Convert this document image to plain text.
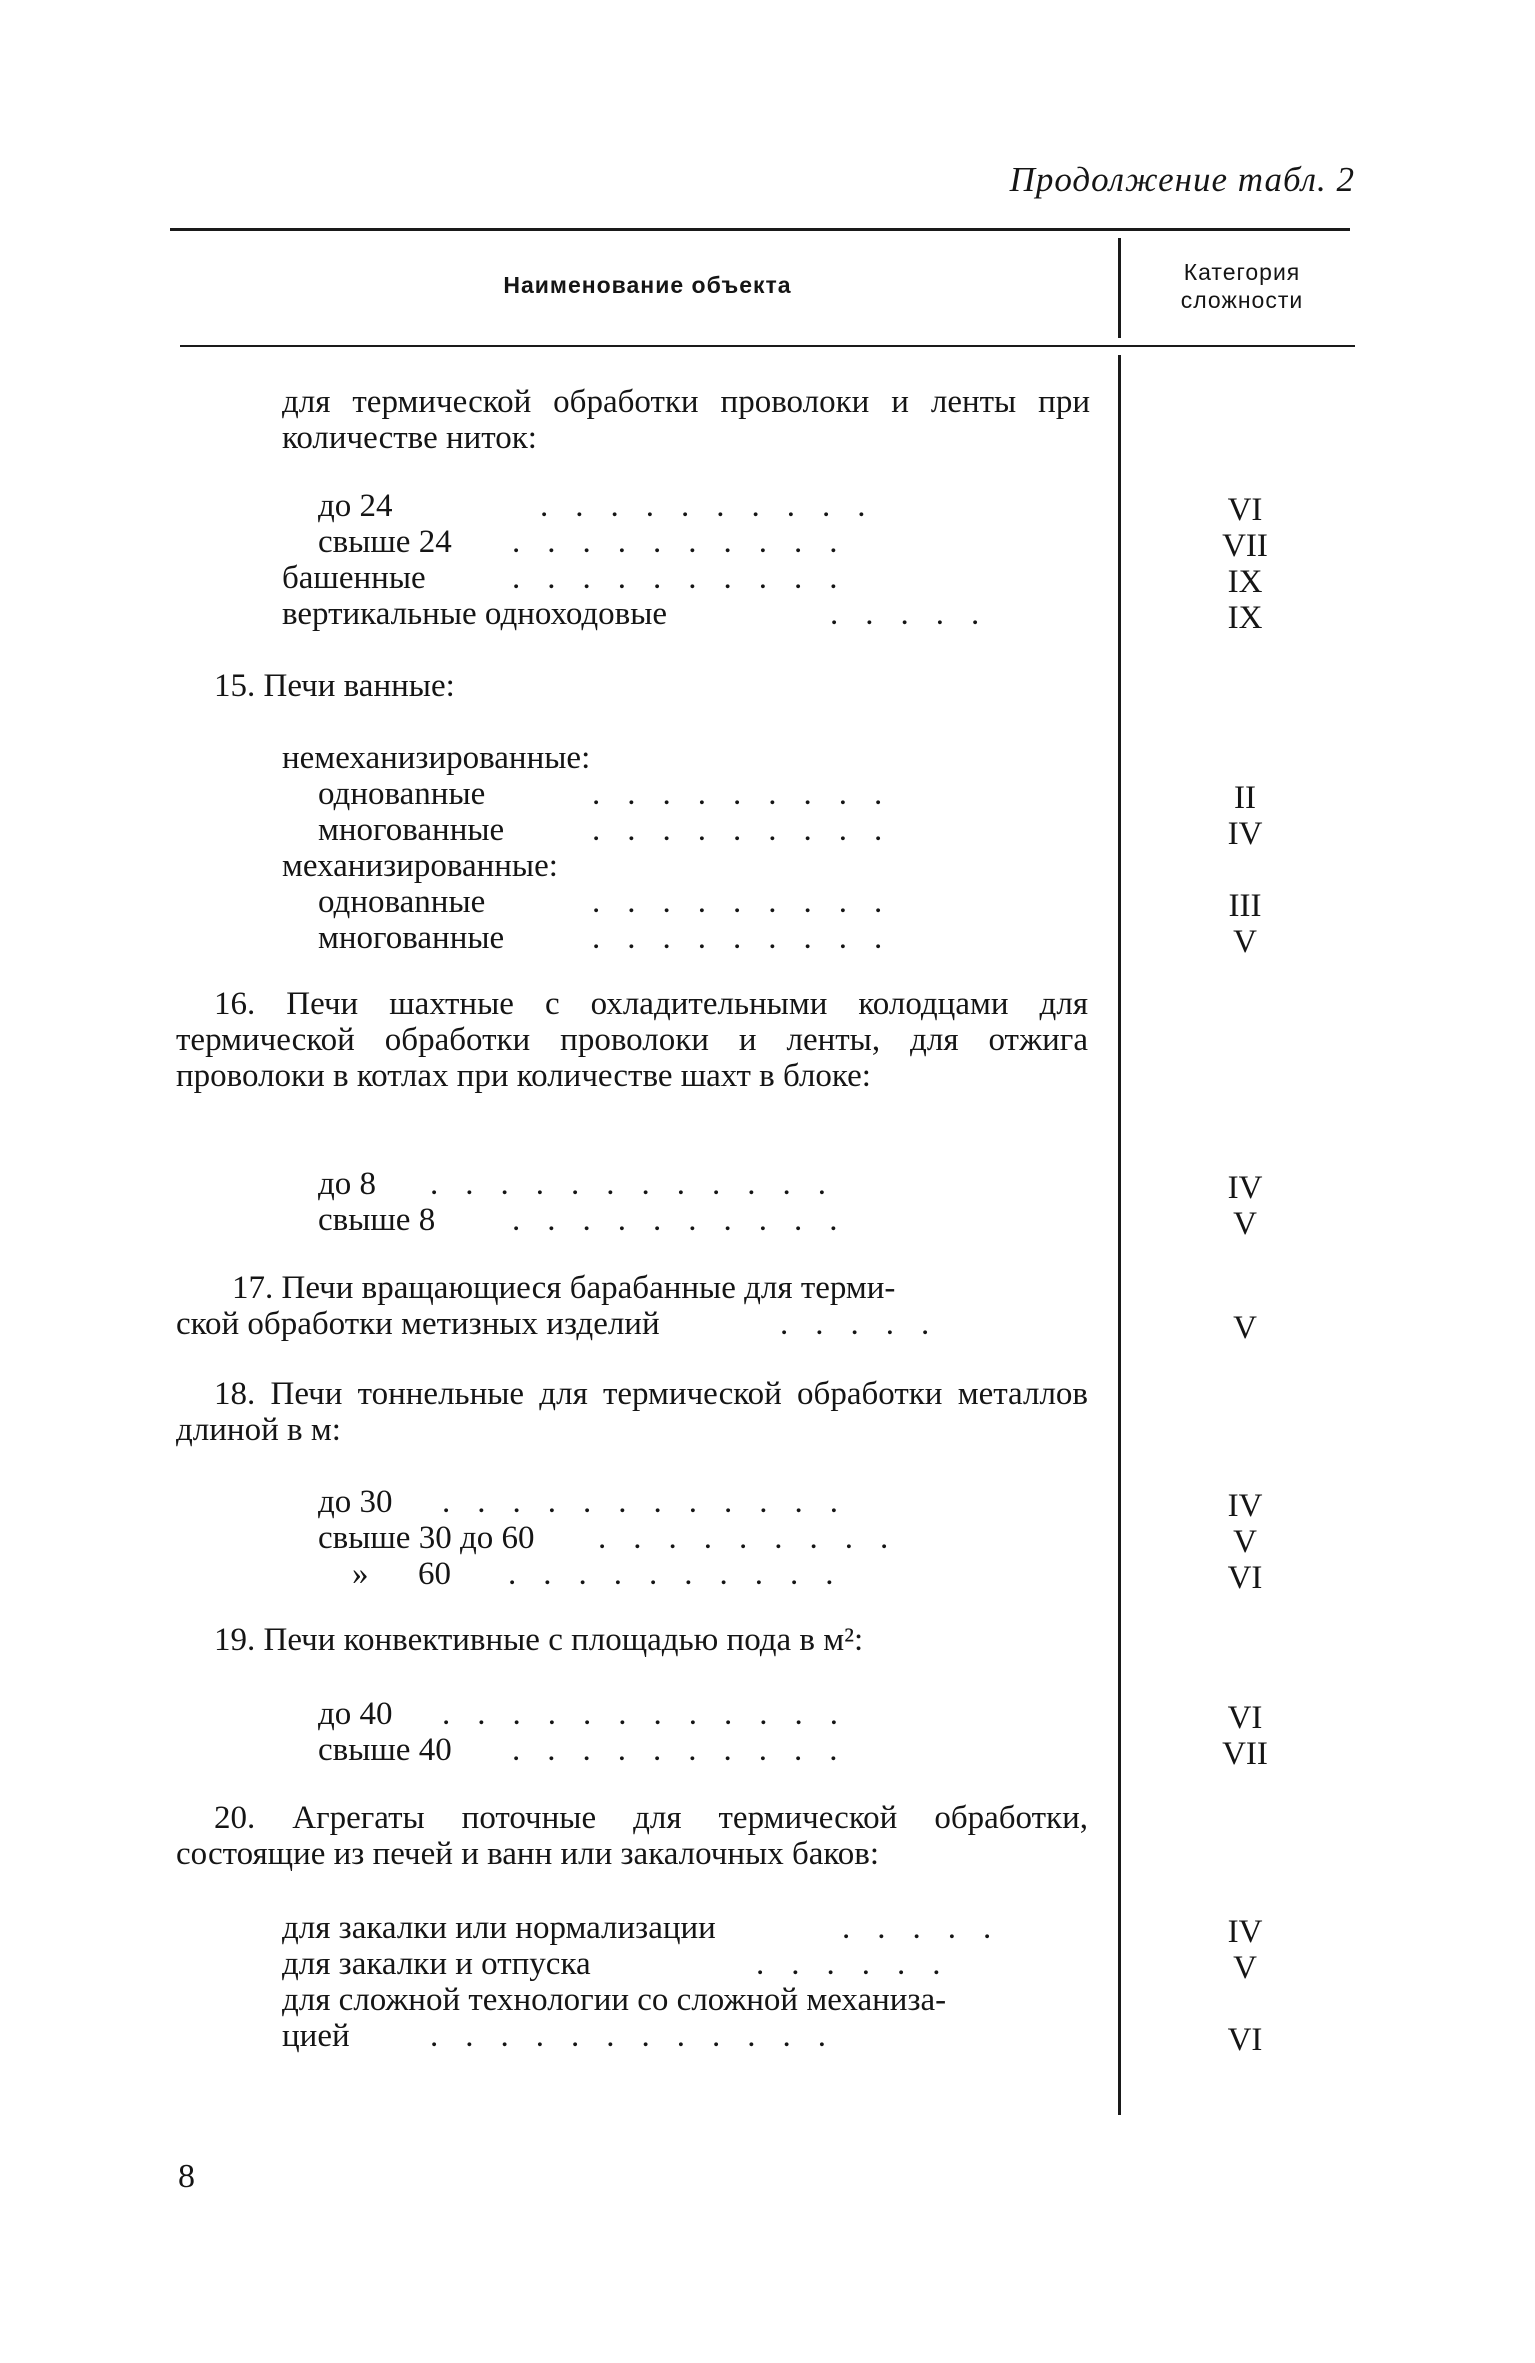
Продолжение табл. 2
Наименование объекта	Категория
сложности
для термической обработки проволоки и ленты при количестве ниток:
до 24	..........	VI
свыше 24 ..........	VII
башенные	..........	IX
вертикальные одноходовые	.....	IX
15. Печи ванные:
немеханизированные:
одноваnные	.........	II
многованные	.........	IV
механизированные:
одноваnные	.........	III
многованные	.........	V
16. Печи шахтные с охладительными колодцами для термической обработки проволоки и ленты, для отжига проволоки в котлах при количестве шахт в блоке:
до 8 ............	IV
свыше 8 ..........	V
17. Печи вращающиеся барабанные для терми-
ской обработки метизных изделий	.....	V
18. Печи тоннельные для термической обработки металлов длиной в м:
до 30 ............	IV
свыше 30 до 60 .........	V
»      60 ..........	VI
19. Печи конвективные с площадью пода в м²:
до 40 ............	VI
свыше 40 ..........	VII
20. Агрегаты поточные для термической обработки, состоящие из печей и ванн или закалочных баков:
для закалки или нормализации	.....	IV
для закалки и отпуска	......	V
для сложной технологии со сложной механиза-
цией ............	VI
8
